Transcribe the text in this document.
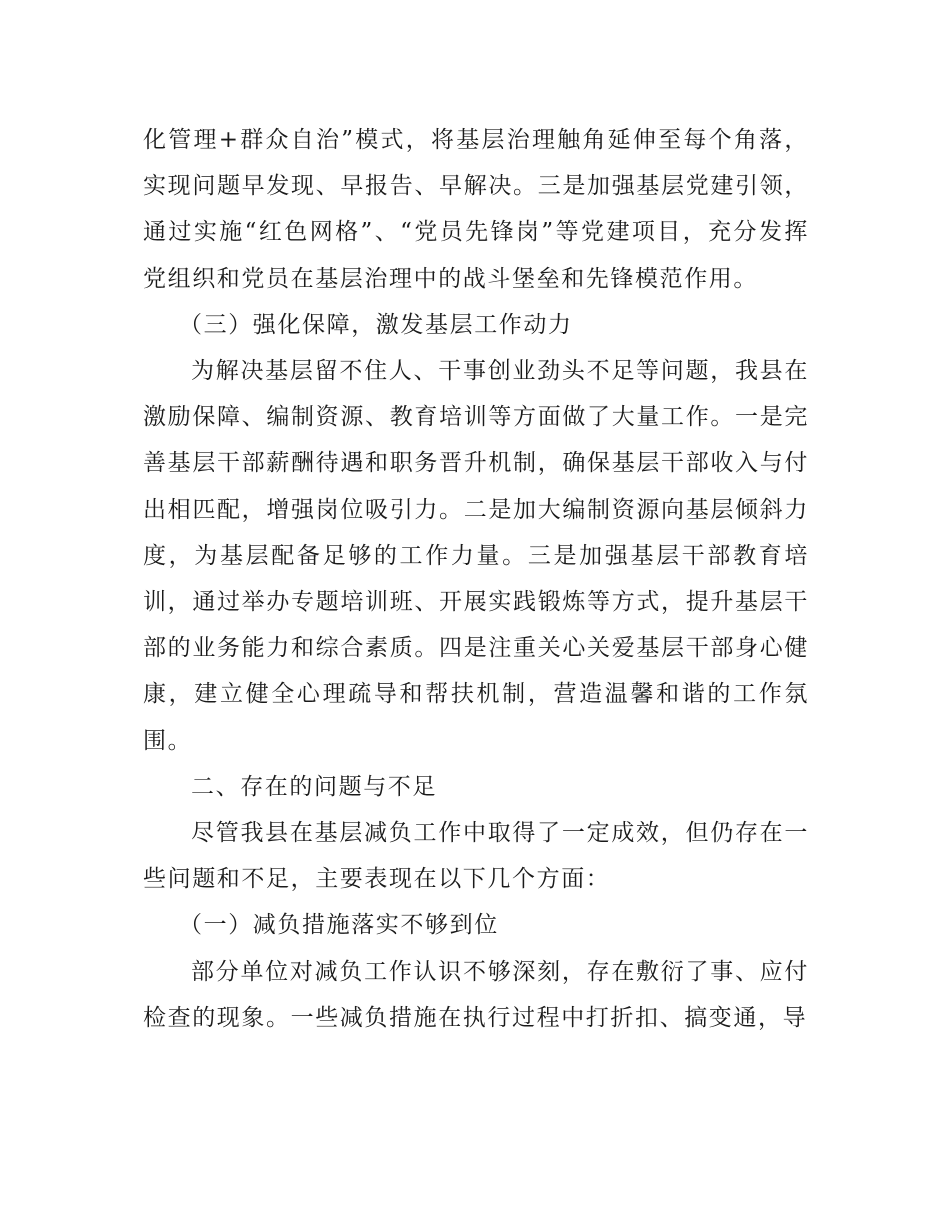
化管理+群众自治”模式，将基层治理触角延伸至每个角落，实现问题早发现、早报告、早解决。三是加强基层党建引领，通过实施“红色网格”、“党员先锋岗”等党建项目，充分发挥党组织和党员在基层治理中的战斗堡垒和先锋模范作用。

（三）强化保障，激发基层工作动力

为解决基层留不住人、干事创业劲头不足等问题，我县在激励保障、编制资源、教育培训等方面做了大量工作。一是完善基层干部薪酬待遇和职务晋升机制，确保基层干部收入与付出相匹配，增强岗位吸引力。二是加大编制资源向基层倾斜力度，为基层配备足够的工作力量。三是加强基层干部教育培训，通过举办专题培训班、开展实践锻炼等方式，提升基层干部的业务能力和综合素质。四是注重关心关爱基层干部身心健康，建立健全心理疏导和帮扶机制，营造温馨和谐的工作氛围。

二、存在的问题与不足

尽管我县在基层减负工作中取得了一定成效，但仍存在一些问题和不足，主要表现在以下几个方面：

（一）减负措施落实不够到位

部分单位对减负工作认识不够深刻，存在敷衍了事、应付检查的现象。一些减负措施在执行过程中打折扣、搞变通，导
